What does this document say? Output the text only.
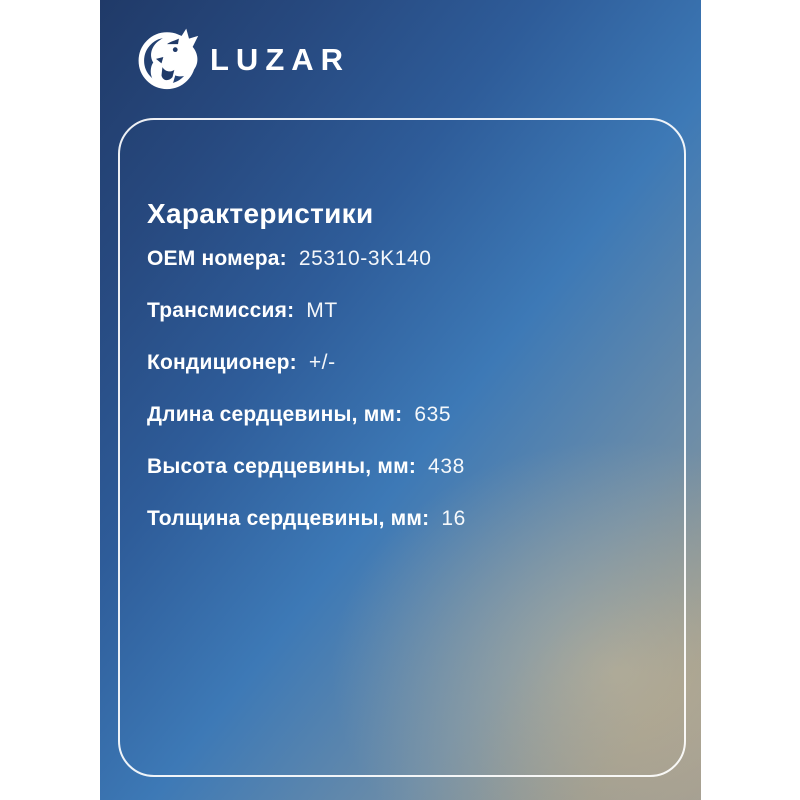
LUZAR
Характеристики
OEM номера: 25310-3K140
Трансмиссия: МТ
Кондиционер: +/-
Длина сердцевины, мм: 635
Высота сердцевины, мм: 438
Толщина сердцевины, мм: 16
